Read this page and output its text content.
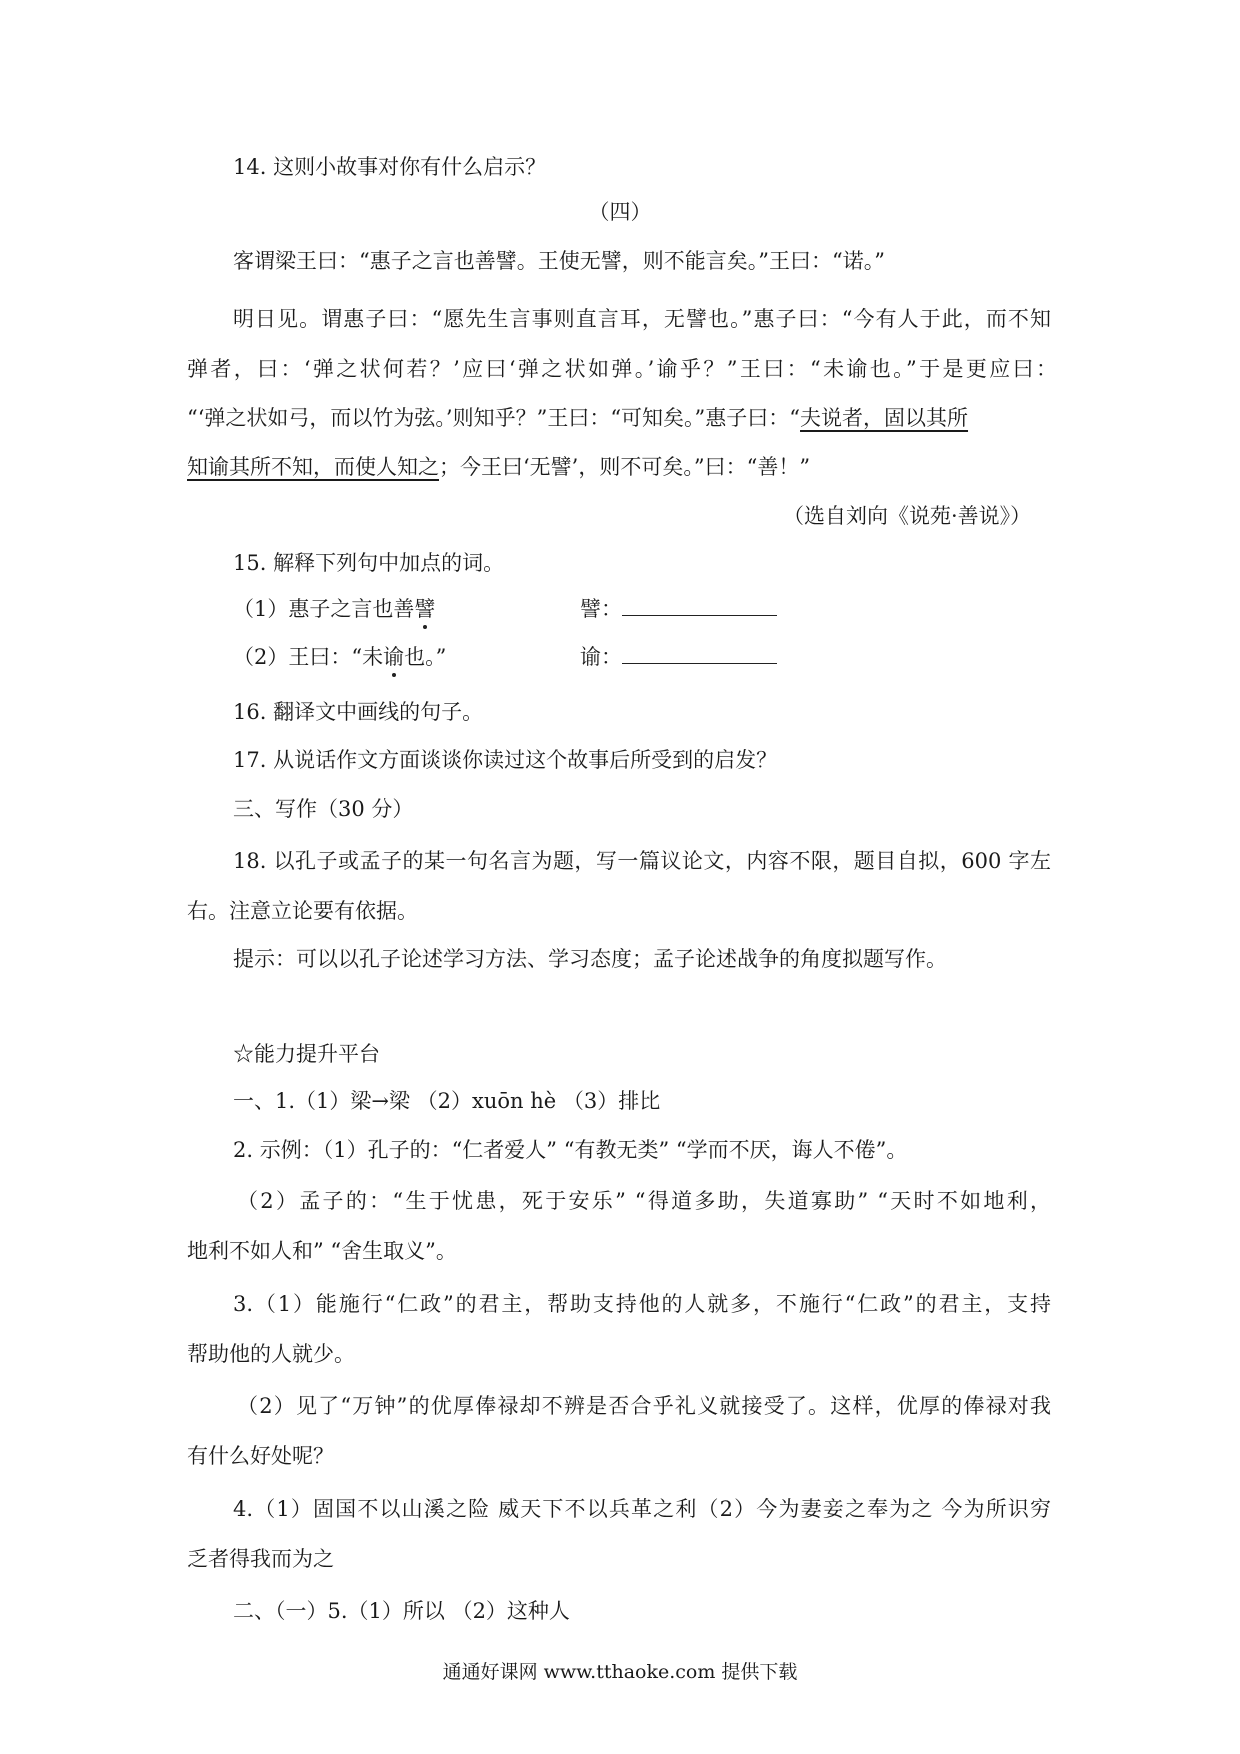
14. 这则小故事对你有什么启示？
（四）
客谓梁王曰：“惠子之言也善譬。王使无譬，则不能言矣。”王曰：“诺。”
明日见。谓惠子曰：“愿先生言事则直言耳，无譬也。”惠子曰：“今有人于此，而不知
弹者，曰：‘弹之状何若？’应曰‘弹之状如弹。’谕乎？”王曰：“未谕也。”于是更应曰：
“‘弹之状如弓，而以竹为弦。’则知乎？”王曰：“可知矣。”惠子曰：“夫说者，固以其所
知谕其所不知，而使人知之；今王曰‘无譬’，则不可矣。”曰：“善！”
（选自刘向《说苑·善说》）
15. 解释下列句中加点的词。
（1）惠子之言也善譬	譬：
（2）王曰：“未谕也。”	谕：
16. 翻译文中画线的句子。
17. 从说话作文方面谈谈你读过这个故事后所受到的启发？
三、写作（30 分）
18. 以孔子或孟子的某一句名言为题，写一篇议论文，内容不限，题目自拟，600 字左
右。注意立论要有依据。
提示：可以以孔子论述学习方法、学习态度；孟子论述战争的角度拟题写作。
☆能力提升平台
一、1.（1）梁→梁 （2）xuōn hè （3）排比
2. 示例：（1）孔子的：“仁者爱人” “有教无类” “学而不厌，诲人不倦”。
（2）孟子的：“生于忧患，死于安乐” “得道多助，失道寡助” “天时不如地利，
地利不如人和” “舍生取义”。
3.（1）能施行“仁政”的君主，帮助支持他的人就多，不施行“仁政”的君主，支持
帮助他的人就少。
（2）见了“万钟”的优厚俸禄却不辨是否合乎礼义就接受了。这样，优厚的俸禄对我
有什么好处呢？
4.（1）固国不以山溪之险 威天下不以兵革之利（2）今为妻妾之奉为之 今为所识穷
乏者得我而为之
二、（一）5.（1）所以 （2）这种人
通通好课网 www.tthaoke.com 提供下载
